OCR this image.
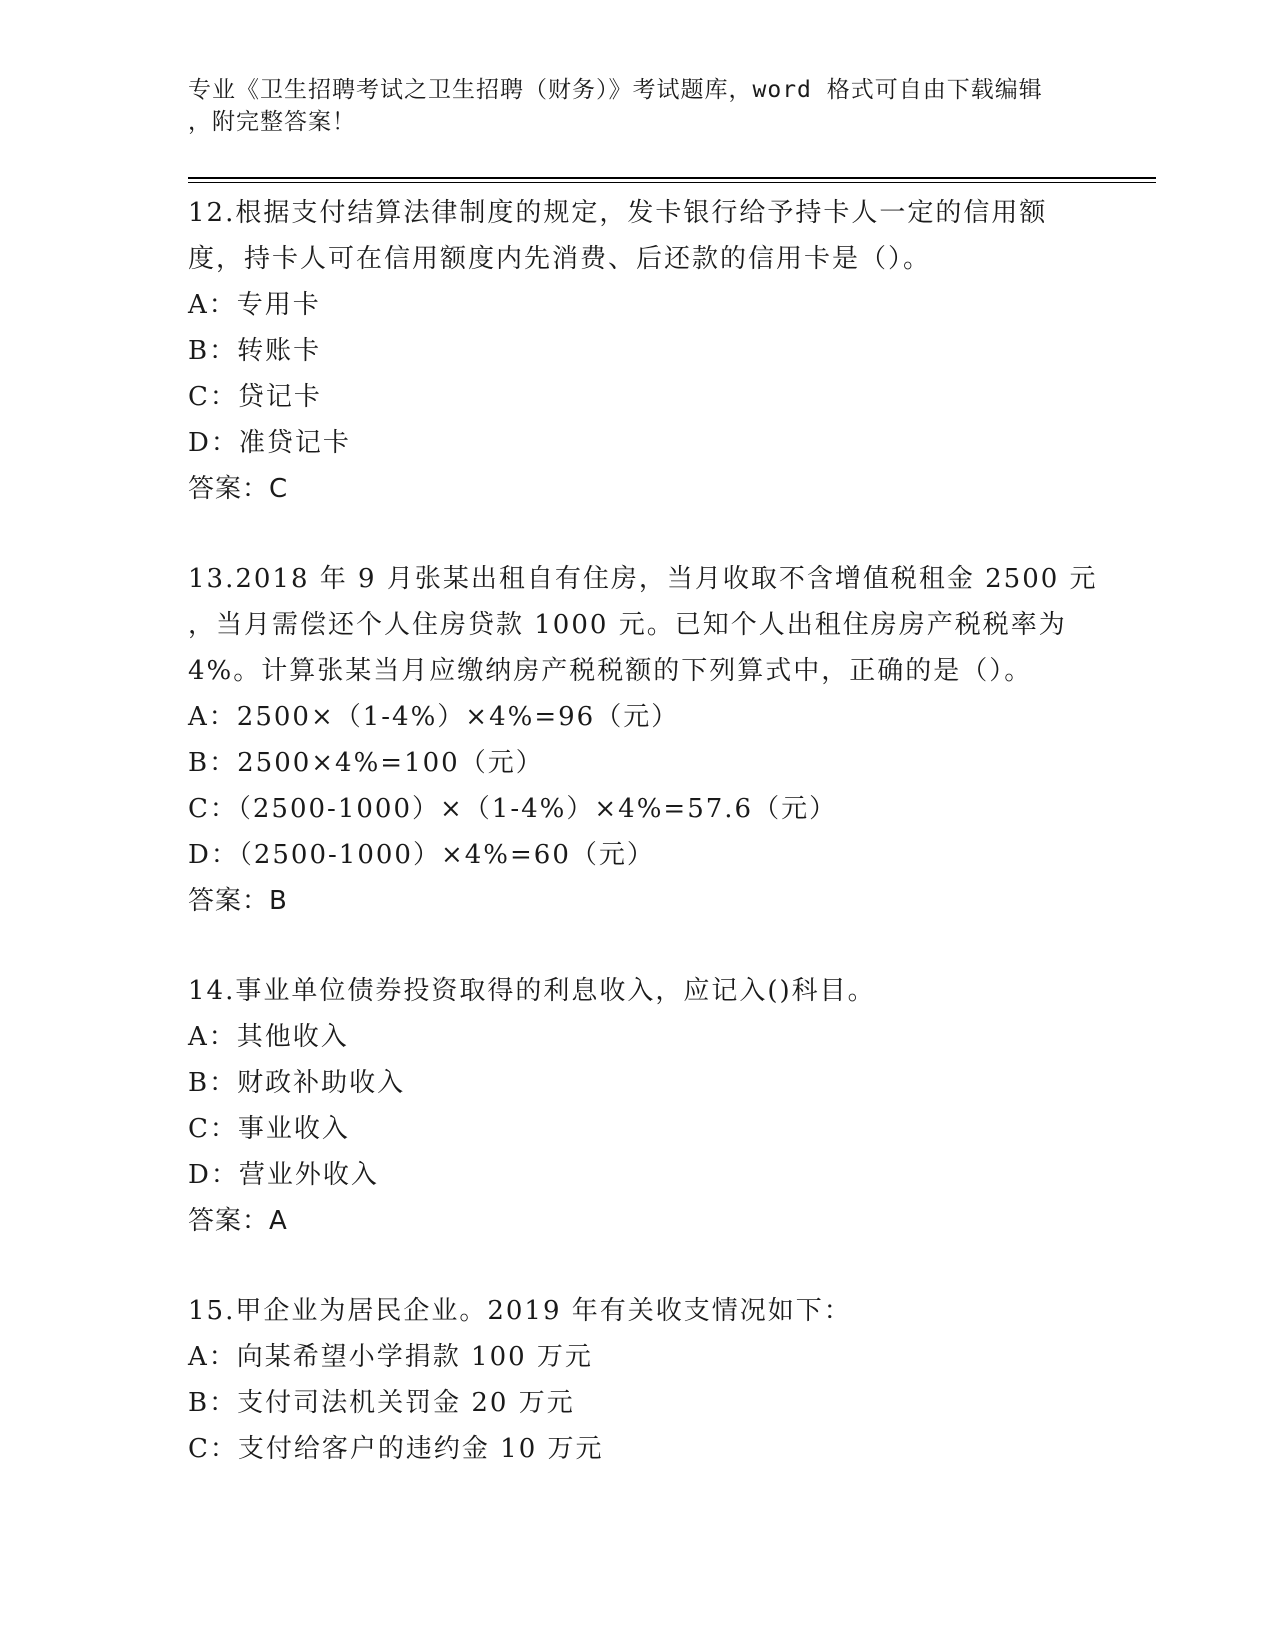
专业《卫生招聘考试之卫生招聘（财务）》考试题库，word 格式可自由下载编辑
，附完整答案！
12.根据支付结算法律制度的规定，发卡银行给予持卡人一定的信用额
度，持卡人可在信用额度内先消费、后还款的信用卡是（）。
A：专用卡
B：转账卡
C：贷记卡
D：准贷记卡
答案：C
13.2018 年 9 月张某出租自有住房，当月收取不含增值税租金 2500 元
，当月需偿还个人住房贷款 1000 元。已知个人出租住房房产税税率为
4%。计算张某当月应缴纳房产税税额的下列算式中，正确的是（）。
A：2500×（1-4%）×4%=96（元）
B：2500×4%=100（元）
C：（2500-1000）×（1-4%）×4%=57.6（元）
D：（2500-1000）×4%=60（元）
答案：B
14.事业单位债券投资取得的利息收入，应记入()科目。
A：其他收入
B：财政补助收入
C：事业收入
D：营业外收入
答案：A
15.甲企业为居民企业。2019 年有关收支情况如下：
A：向某希望小学捐款 100 万元
B：支付司法机关罚金 20 万元
C：支付给客户的违约金 10 万元
